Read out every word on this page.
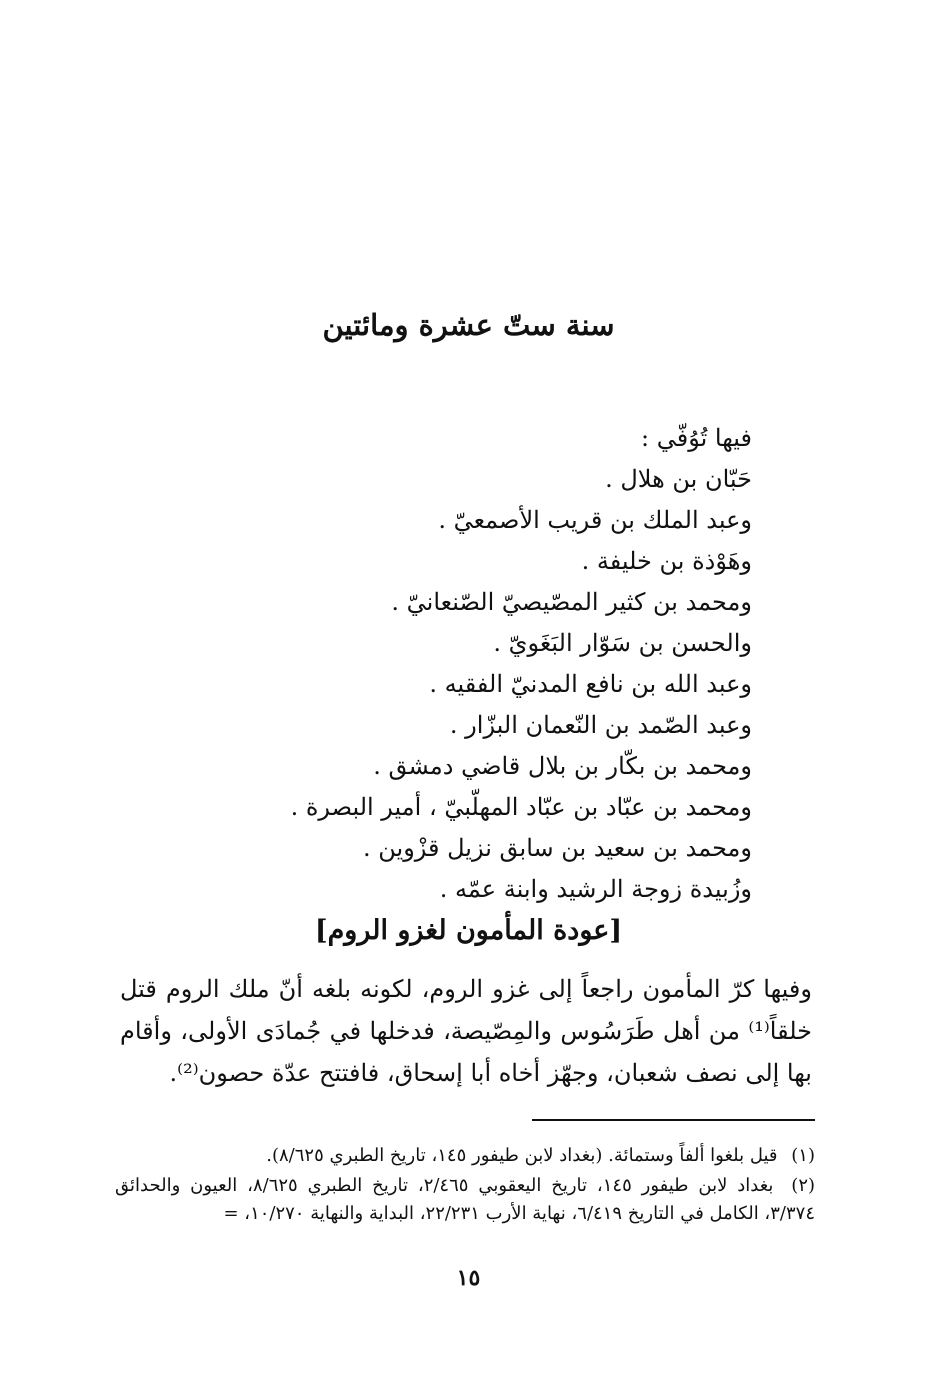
سنة ستّ عشرة ومائتين
فيها تُوُفّي :
حَبّان بن هلال .
وعبد الملك بن قريب الأصمعيّ .
وهَوْذة بن خليفة .
ومحمد بن كثير المصّيصيّ الصّنعانيّ .
والحسن بن سَوّار البَغَويّ .
وعبد الله بن نافع المدنيّ الفقيه .
وعبد الصّمد بن النّعمان البزّار .
ومحمد بن بكّار بن بلال قاضي دمشق .
ومحمد بن عبّاد بن عبّاد المهلّبيّ ، أمير البصرة .
ومحمد بن سعيد بن سابق نزيل قزْوين .
وزُبيدة زوجة الرشيد وابنة عمّه .
[عودة المأمون لغزو الروم]
وفيها كرّ المأمون راجعاً إلى غزو الروم، لكونه بلغه أنّ ملك الروم قتل خلقاً⁽¹⁾ من أهل طَرَسُوس والمِصّيصة، فدخلها في جُمادَى الأولى، وأقام بها إلى نصف شعبان، وجهّز أخاه أبا إسحاق، فافتتح عدّة حصون⁽²⁾.
(١) قيل بلغوا ألفاً وستمائة. (بغداد لابن طيفور ١٤٥، تاريخ الطبري ٨/٦٢٥).
(٢) بغداد لابن طيفور ١٤٥، تاريخ اليعقوبي ٢/٤٦٥، تاريخ الطبري ٨/٦٢٥، العيون والحدائق ٣/٣٧٤، الكامل في التاريخ ٦/٤١٩، نهاية الأرب ٢٢/٢٣١، البداية والنهاية ١٠/٢٧٠، =
١٥
